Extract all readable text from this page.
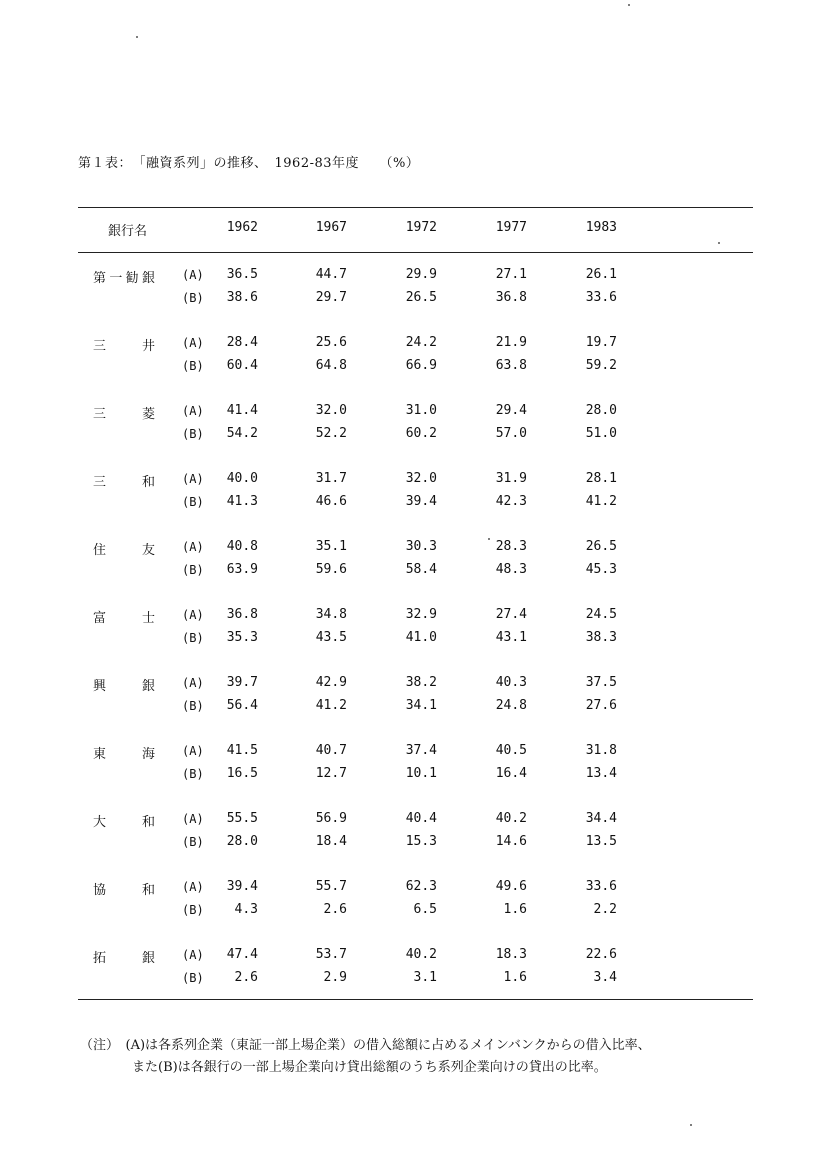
第１表：　「融資系列」の推移、　1962-83年度　　（%）
銀行名	1962	1967	1972	1977	1983
第一勧銀 (A)	36.5	44.7	29.9	27.1	26.1
(B)	38.6	29.7	26.5	36.8	33.6
三　井 (A)	28.4	25.6	24.2	21.9	19.7
(B)	60.4	64.8	66.9	63.8	59.2
三　菱 (A)	41.4	32.0	31.0	29.4	28.0
(B)	54.2	52.2	60.2	57.0	51.0
三　和 (A)	40.0	31.7	32.0	31.9	28.1
(B)	41.3	46.6	39.4	42.3	41.2
住　友 (A)	40.8	35.1	30.3	28.3	26.5
(B)	63.9	59.6	58.4	48.3	45.3
富　士 (A)	36.8	34.8	32.9	27.4	24.5
(B)	35.3	43.5	41.0	43.1	38.3
興　銀 (A)	39.7	42.9	38.2	40.3	37.5
(B)	56.4	41.2	34.1	24.8	27.6
東　海 (A)	41.5	40.7	37.4	40.5	31.8
(B)	16.5	12.7	10.1	16.4	13.4
大　和 (A)	55.5	56.9	40.4	40.2	34.4
(B)	28.0	18.4	15.3	14.6	13.5
協　和 (A)	39.4	55.7	62.3	49.6	33.6
(B)	4.3	2.6	6.5	1.6	2.2
拓　銀 (A)	47.4	53.7	40.2	18.3	22.6
(B)	2.6	2.9	3.1	1.6	3.4
（注）　(A)は各系列企業（東証一部上場企業）の借入総額に占めるメインバンクからの借入比率、
　　　　また(B)は各銀行の一部上場企業向け貸出総額のうち系列企業向けの貸出の比率。
